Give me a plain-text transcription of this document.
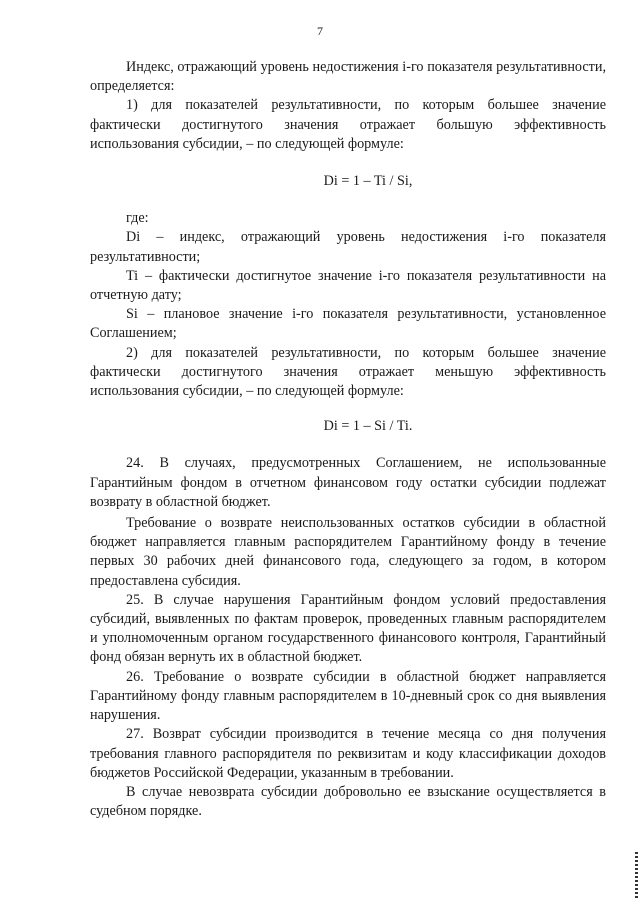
7

Индекс, отражающий уровень недостижения i-го показателя результативности, определяется:

1) для показателей результативности, по которым большее значение фактически достигнутого значения отражает большую эффективность использования субсидии, – по следующей формуле:

Di = 1 – Ti / Si,

где:

Di – индекс, отражающий уровень недостижения i-го показателя результативности;

Ti – фактически достигнутое значение i-го показателя результативности на отчетную дату;

Si – плановое значение i-го показателя результативности, установленное Соглашением;

2) для показателей результативности, по которым большее значение фактически достигнутого значения отражает меньшую эффективность использования субсидии, – по следующей формуле:

Di = 1 – Si / Ti.

24. В случаях, предусмотренных Соглашением, не использованные Гарантийным фондом в отчетном финансовом году остатки субсидии подлежат возврату в областной бюджет.

Требование о возврате неиспользованных остатков субсидии в областной бюджет направляется главным распорядителем Гарантийному фонду в течение первых 30 рабочих дней финансового года, следующего за годом, в котором предоставлена субсидия.

25. В случае нарушения Гарантийным фондом условий предоставления субсидий, выявленных по фактам проверок, проведенных главным распорядителем и уполномоченным органом государственного финансового контроля, Гарантийный фонд обязан вернуть их в областной бюджет.

26. Требование о возврате субсидии в областной бюджет направляется Гарантийному фонду главным распорядителем в 10-дневный срок со дня выявления нарушения.

27. Возврат субсидии производится в течение месяца со дня получения требования главного распорядителя по реквизитам и коду классификации доходов бюджетов Российской Федерации, указанным в требовании.

В случае невозврата субсидии добровольно ее взыскание осуществляется в судебном порядке.
